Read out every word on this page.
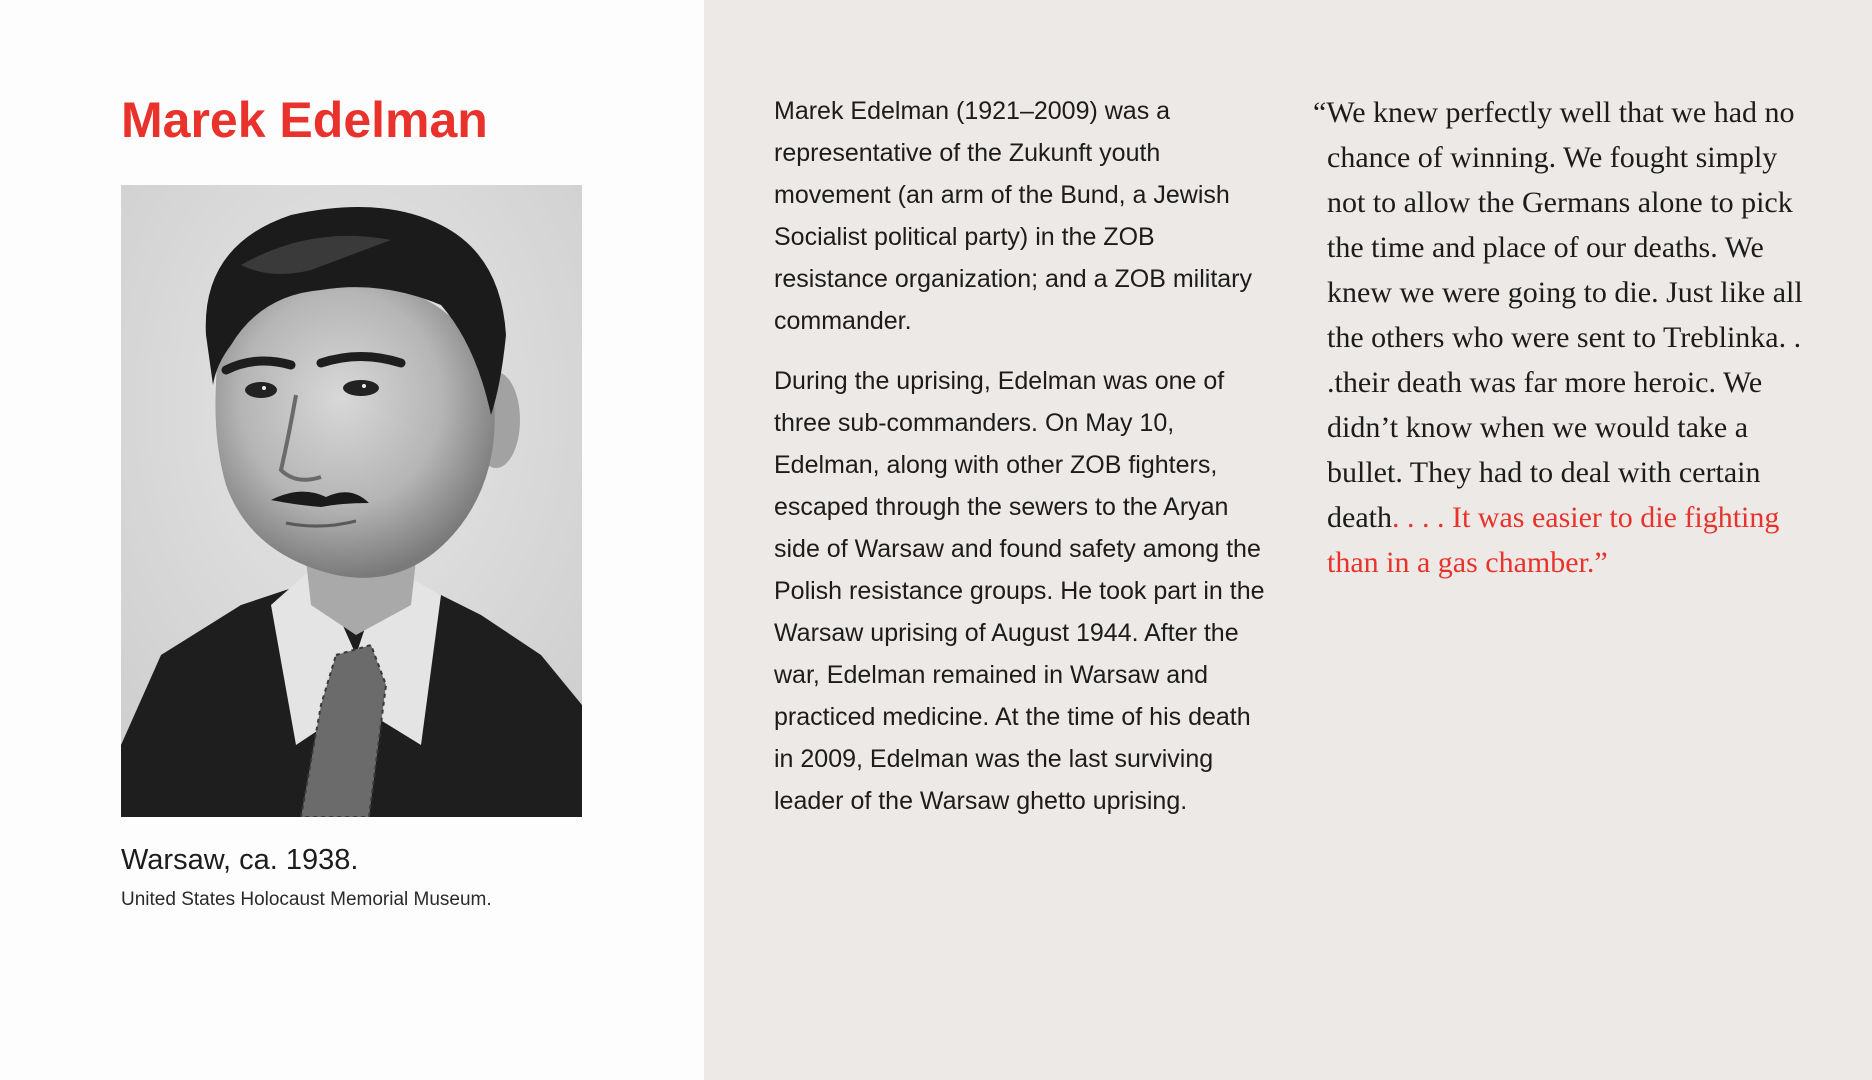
Marek Edelman

Warsaw, ca. 1938.

United States Holocaust Memorial Museum.

Marek Edelman (1921–2009) was a representative of the Zukunft youth movement (an arm of the Bund, a Jewish Socialist political party) in the ZOB resistance organization; and a ZOB military commander.

During the uprising, Edelman was one of three sub-commanders. On May 10, Edelman, along with other ZOB fighters, escaped through the sewers to the Aryan side of Warsaw and found safety among the Polish resistance groups. He took part in the Warsaw uprising of August 1944. After the war, Edelman remained in Warsaw and practiced medicine. At the time of his death in 2009, Edelman was the last surviving leader of the Warsaw ghetto uprising.

“We knew perfectly well that we had no chance of winning. We fought simply not to allow the Germans alone to pick the time and place of our deaths. We knew we were going to die. Just like all the others who were sent to Treblinka. . .their death was far more heroic. We didn’t know when we would take a bullet. They had to deal with certain death. . . . It was easier to die fighting than in a gas chamber.”
